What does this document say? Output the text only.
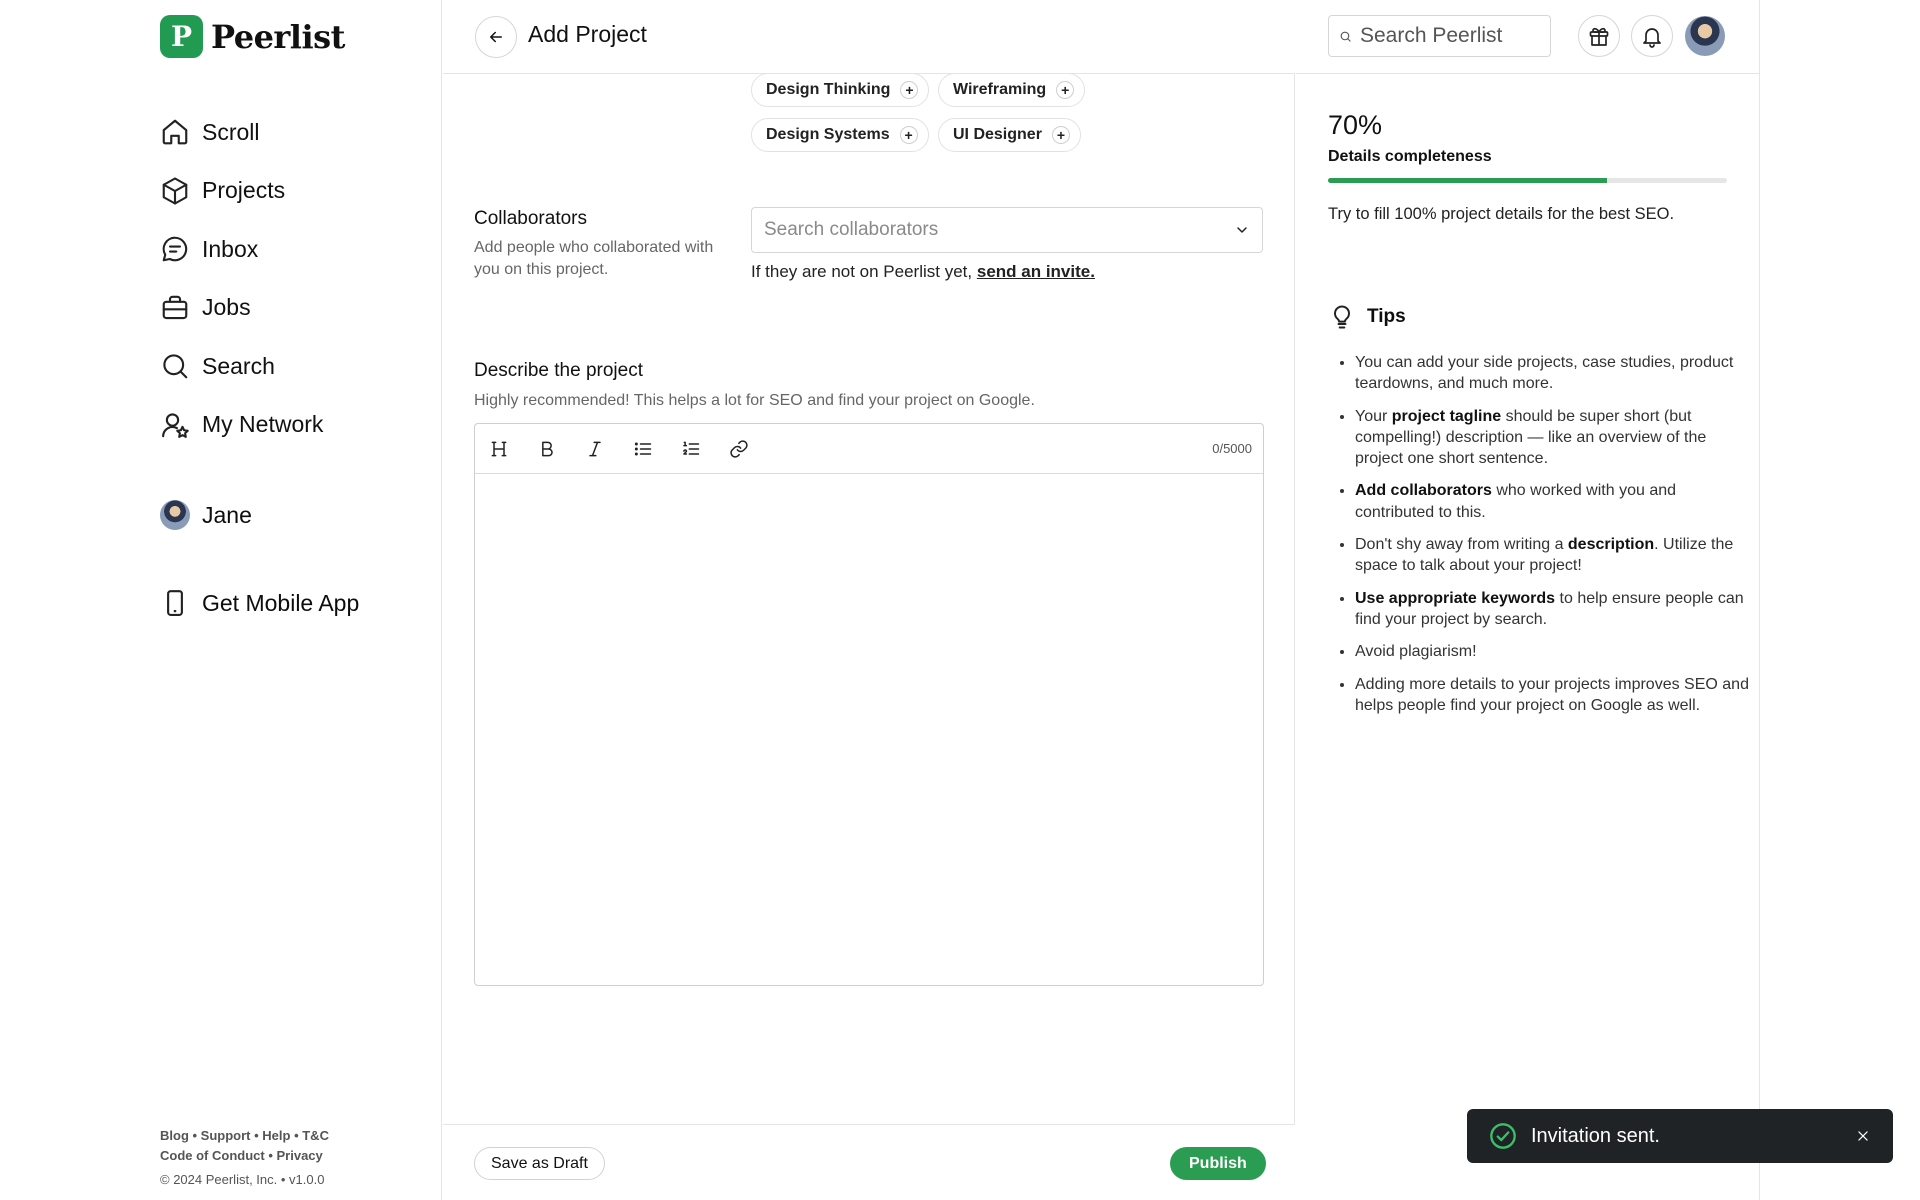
P Peerlist
Scroll
Projects
Inbox
Jobs
Search
My Network
Jane
Get Mobile App
Blog • Support • Help • T&C
Code of Conduct • Privacy
© 2024 Peerlist, Inc. • v1.0.0
Design Thinking	+	Wireframing	+
Design Systems	+	UI Designer	+
Collaborators
Add people who collaborated with you on this project.
Search collaborators	If they are not on Peerlist yet, send an invite.
Describe the project
Highly recommended! This helps a lot for SEO and find your project on Google.
0/5000
Save as Draft	Publish
Add Project
Search Peerlist
70%
Details completeness
Try to fill 100% project details for the best SEO.
Tips
• You can add your side projects, case studies, product teardowns, and much more.
• Your project tagline should be super short (but compelling!) description — like an overview of the project one short sentence.
• Add collaborators who worked with you and contributed to this.
• Don't shy away from writing a description. Utilize the space to talk about your project!
• Use appropriate keywords to help ensure people can find your project by search.
• Avoid plagiarism!
• Adding more details to your projects improves SEO and helps people find your project on Google as well.
Invitation sent.
